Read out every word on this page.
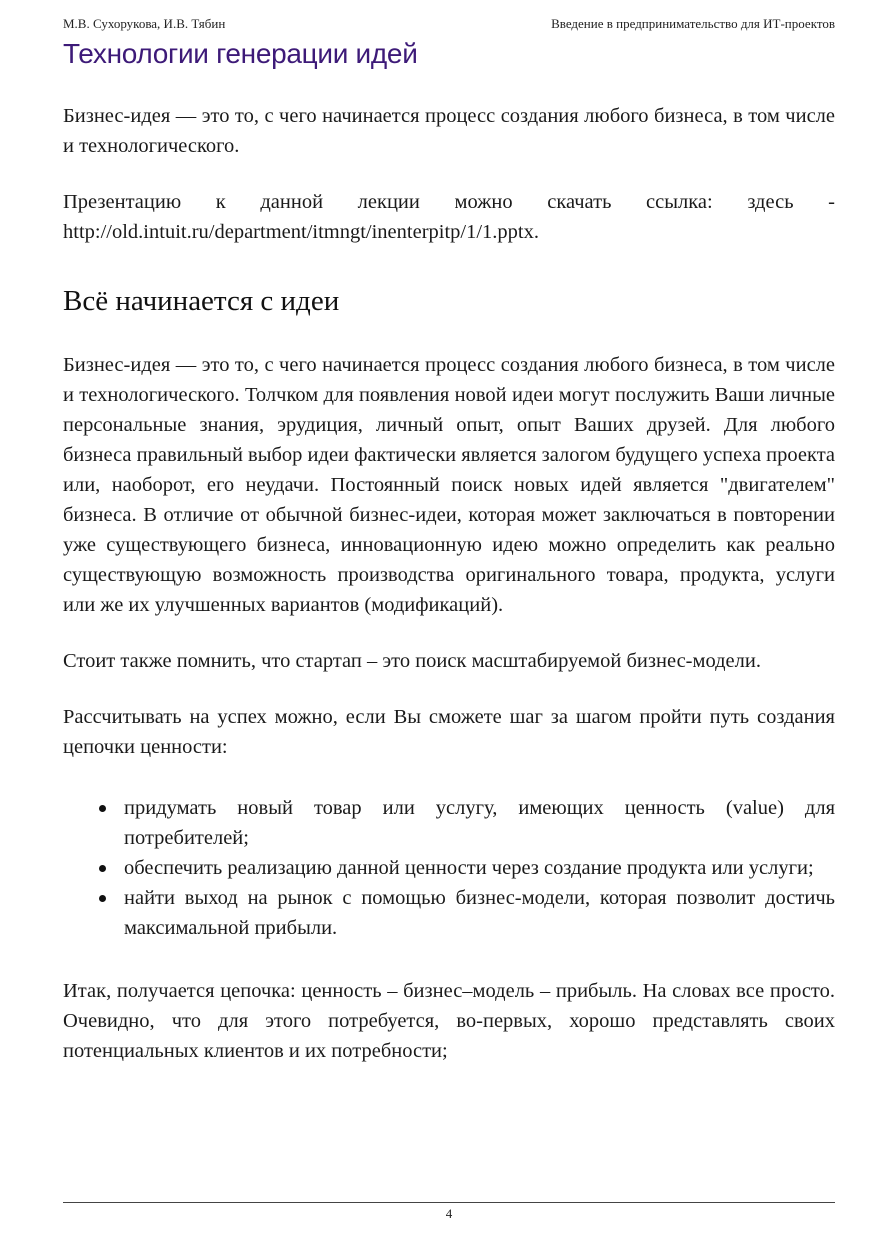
М.В. Сухорукова, И.В. Тябин	Введение в предпринимательство для ИТ-проектов
Технологии генерации идей

Бизнес-идея — это то, с чего начинается процесс создания любого бизнеса, в том числе и технологического.

Презентацию к данной лекции можно скачать ссылка: здесь - http://old.intuit.ru/department/itmngt/inenterpitp/1/1.pptx.

Всё начинается с идеи

Бизнес-идея — это то, с чего начинается процесс создания любого бизнеса, в том числе и технологического. Толчком для появления новой идеи могут послужить Ваши личные персональные знания, эрудиция, личный опыт, опыт Ваших друзей. Для любого бизнеса правильный выбор идеи фактически является залогом будущего успеха проекта или, наоборот, его неудачи. Постоянный поиск новых идей является "двигателем" бизнеса. В отличие от обычной бизнес-идеи, которая может заключаться в повторении уже существующего бизнеса, инновационную идею можно определить как реально существующую возможность производства оригинального товара, продукта, услуги или же их улучшенных вариантов (модификаций).

Стоит также помнить, что стартап – это поиск масштабируемой бизнес-модели.

Рассчитывать на успех можно, если Вы сможете шаг за шагом пройти путь создания цепочки ценности:

придумать новый товар или услугу, имеющих ценность (value) для потребителей;
обеспечить реализацию данной ценности через создание продукта или услуги;
найти выход на рынок с помощью бизнес-модели, которая позволит достичь максимальной прибыли.

Итак, получается цепочка: ценность – бизнес–модель – прибыль. На словах все просто. Очевидно, что для этого потребуется, во-первых, хорошо представлять своих потенциальных клиентов и их потребности;

4
